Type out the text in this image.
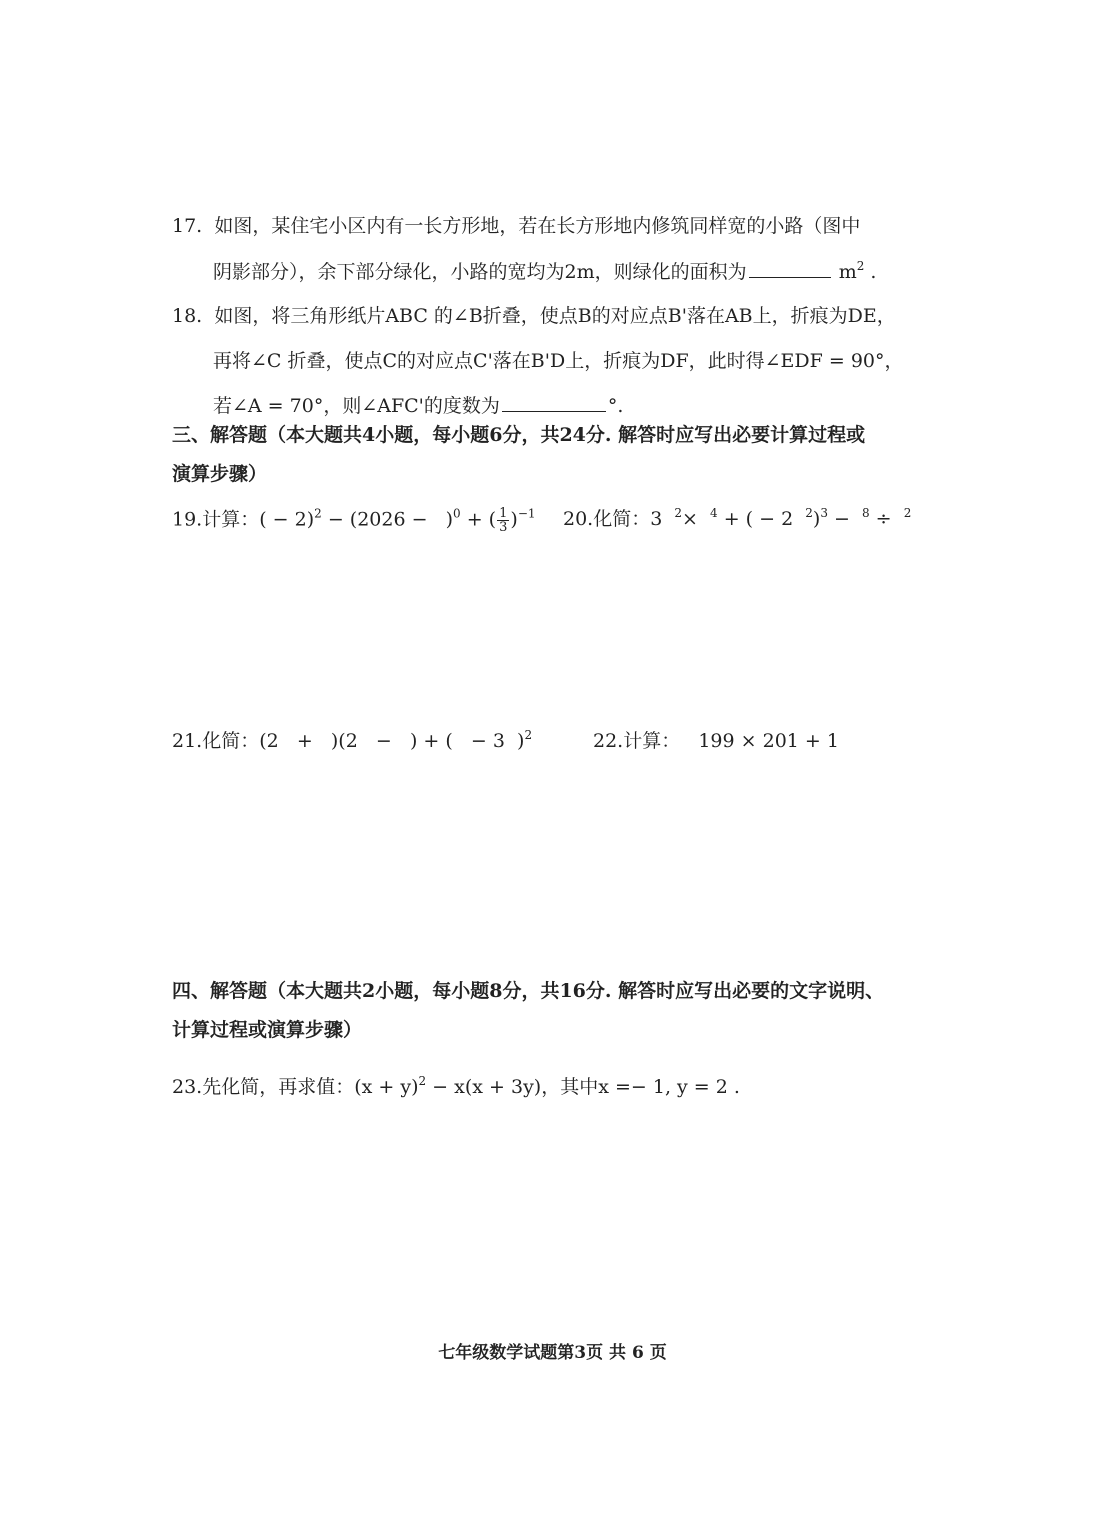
17. 如图，某住宅小区内有一长方形地，若在长方形地内修筑同样宽的小路（图中
阴影部分），余下部分绿化，小路的宽均为2m，则绿化的面积为	$m^2$ .
18. 如图，将三角形纸片ABC 的∠B折叠，使点B的对应点B'落在AB上，折痕为DE，
再将∠C 折叠，使点C的对应点C'落在B'D上，折痕为DF，此时得∠EDF = 90°，
若∠A = 70°，则∠AFC'的度数为	°.
三、解答题（本大题共4小题，每小题6分，共24分. 解答时应写出必要计算过程或
演算步骤）
19.计算：( − $2)^2 - (2026 - )^0$ + ( $\frac{1}{3} )^{-1}$ 20.化简：3  $^2$×  $^4$ + ( − 2  $^2$)$^3$ −  $^8$ ÷  $^2$
21.化简：(2   +   )(2   −   ) + (   − 3  )$^2$	22.计算： 199 × 201 + 1
四、解答题（本大题共2小题，每小题8分，共16分. 解答时应写出必要的文字说明、
计算过程或演算步骤）
23.先化简，再求值：$(x + y)^2 - x(x + 3y)$，其中x =− 1, y = 2 .
七年级数学试题第3页 共 6 页
